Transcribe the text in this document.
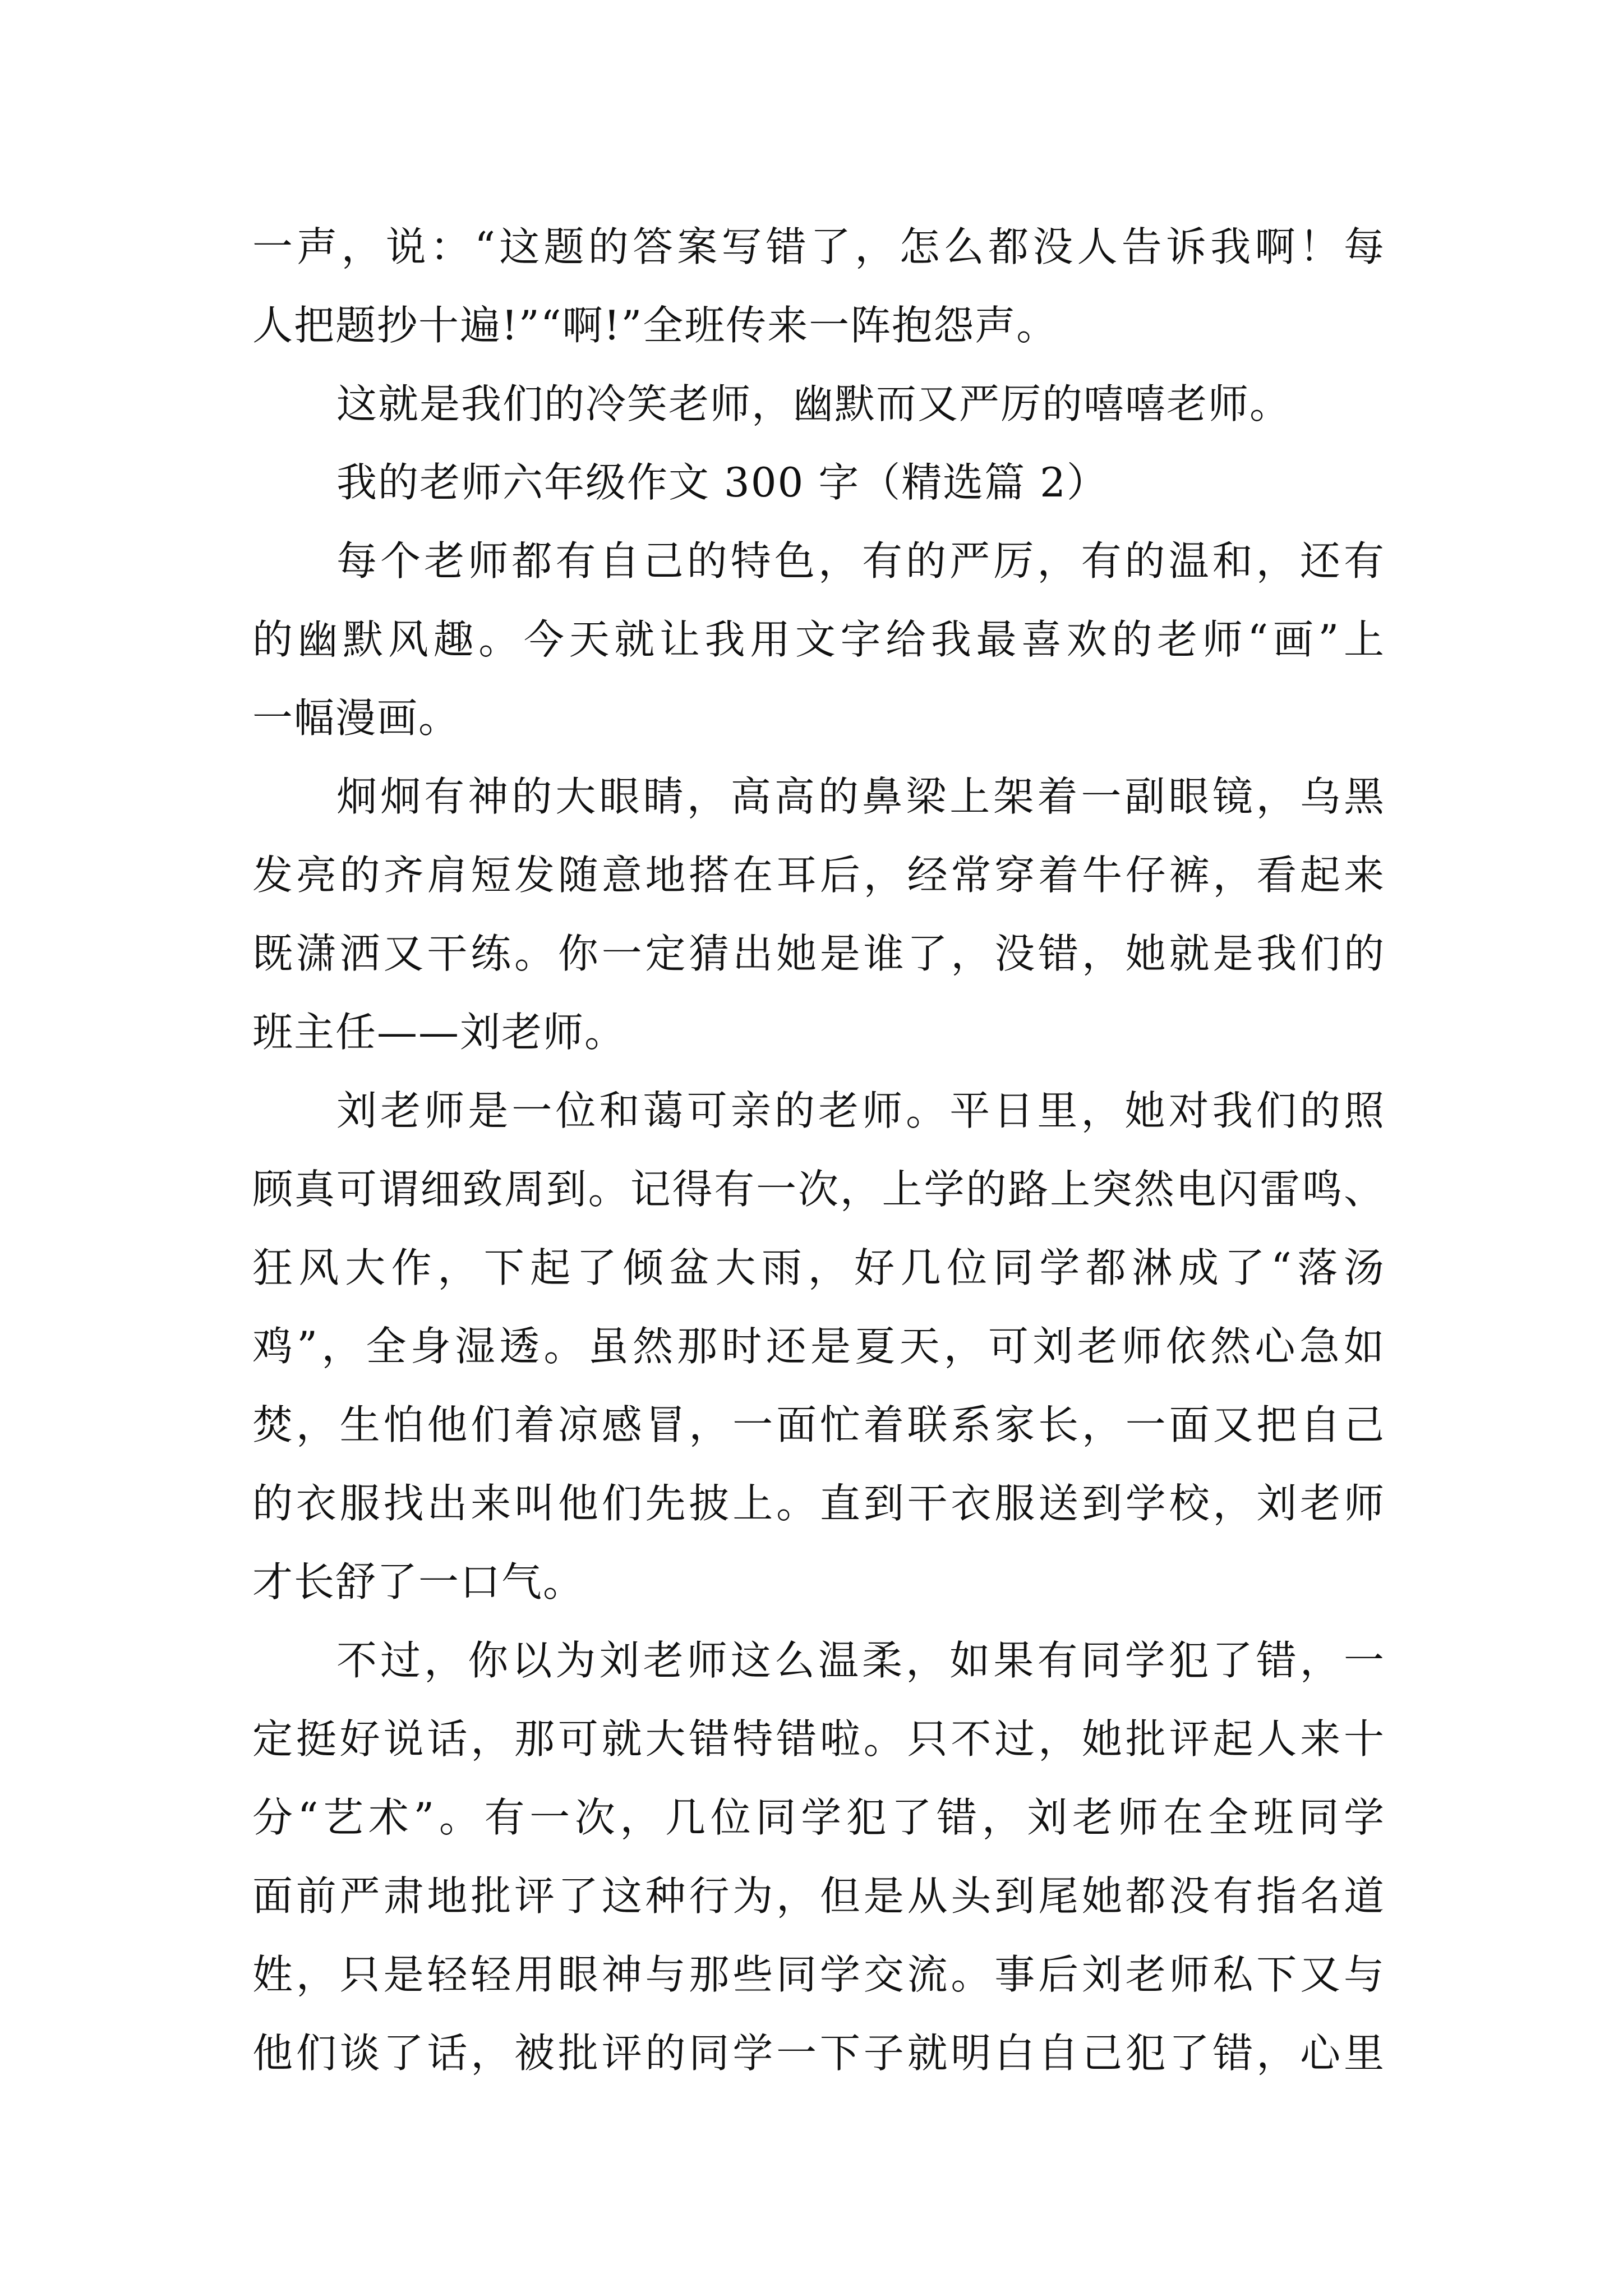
一声，说：“这题的答案写错了，怎么都没人告诉我啊！每
人把题抄十遍!”“啊!”全班传来一阵抱怨声。
这就是我们的冷笑老师，幽默而又严厉的嘻嘻老师。
我的老师六年级作文 300 字（精选篇 2）
每个老师都有自己的特色，有的严厉，有的温和，还有
的幽默风趣。今天就让我用文字给我最喜欢的老师“画”上
一幅漫画。
炯炯有神的大眼睛，高高的鼻梁上架着一副眼镜，乌黑
发亮的齐肩短发随意地搭在耳后，经常穿着牛仔裤，看起来
既潇洒又干练。你一定猜出她是谁了，没错，她就是我们的
班主任——刘老师。
刘老师是一位和蔼可亲的老师。平日里，她对我们的照
顾真可谓细致周到。记得有一次，上学的路上突然电闪雷鸣、
狂风大作，下起了倾盆大雨，好几位同学都淋成了“落汤
鸡”，全身湿透。虽然那时还是夏天，可刘老师依然心急如
焚，生怕他们着凉感冒，一面忙着联系家长，一面又把自己
的衣服找出来叫他们先披上。直到干衣服送到学校，刘老师
才长舒了一口气。
不过，你以为刘老师这么温柔，如果有同学犯了错，一
定挺好说话，那可就大错特错啦。只不过，她批评起人来十
分“艺术”。有一次，几位同学犯了错，刘老师在全班同学
面前严肃地批评了这种行为，但是从头到尾她都没有指名道
姓，只是轻轻用眼神与那些同学交流。事后刘老师私下又与
他们谈了话，被批评的同学一下子就明白自己犯了错，心里
